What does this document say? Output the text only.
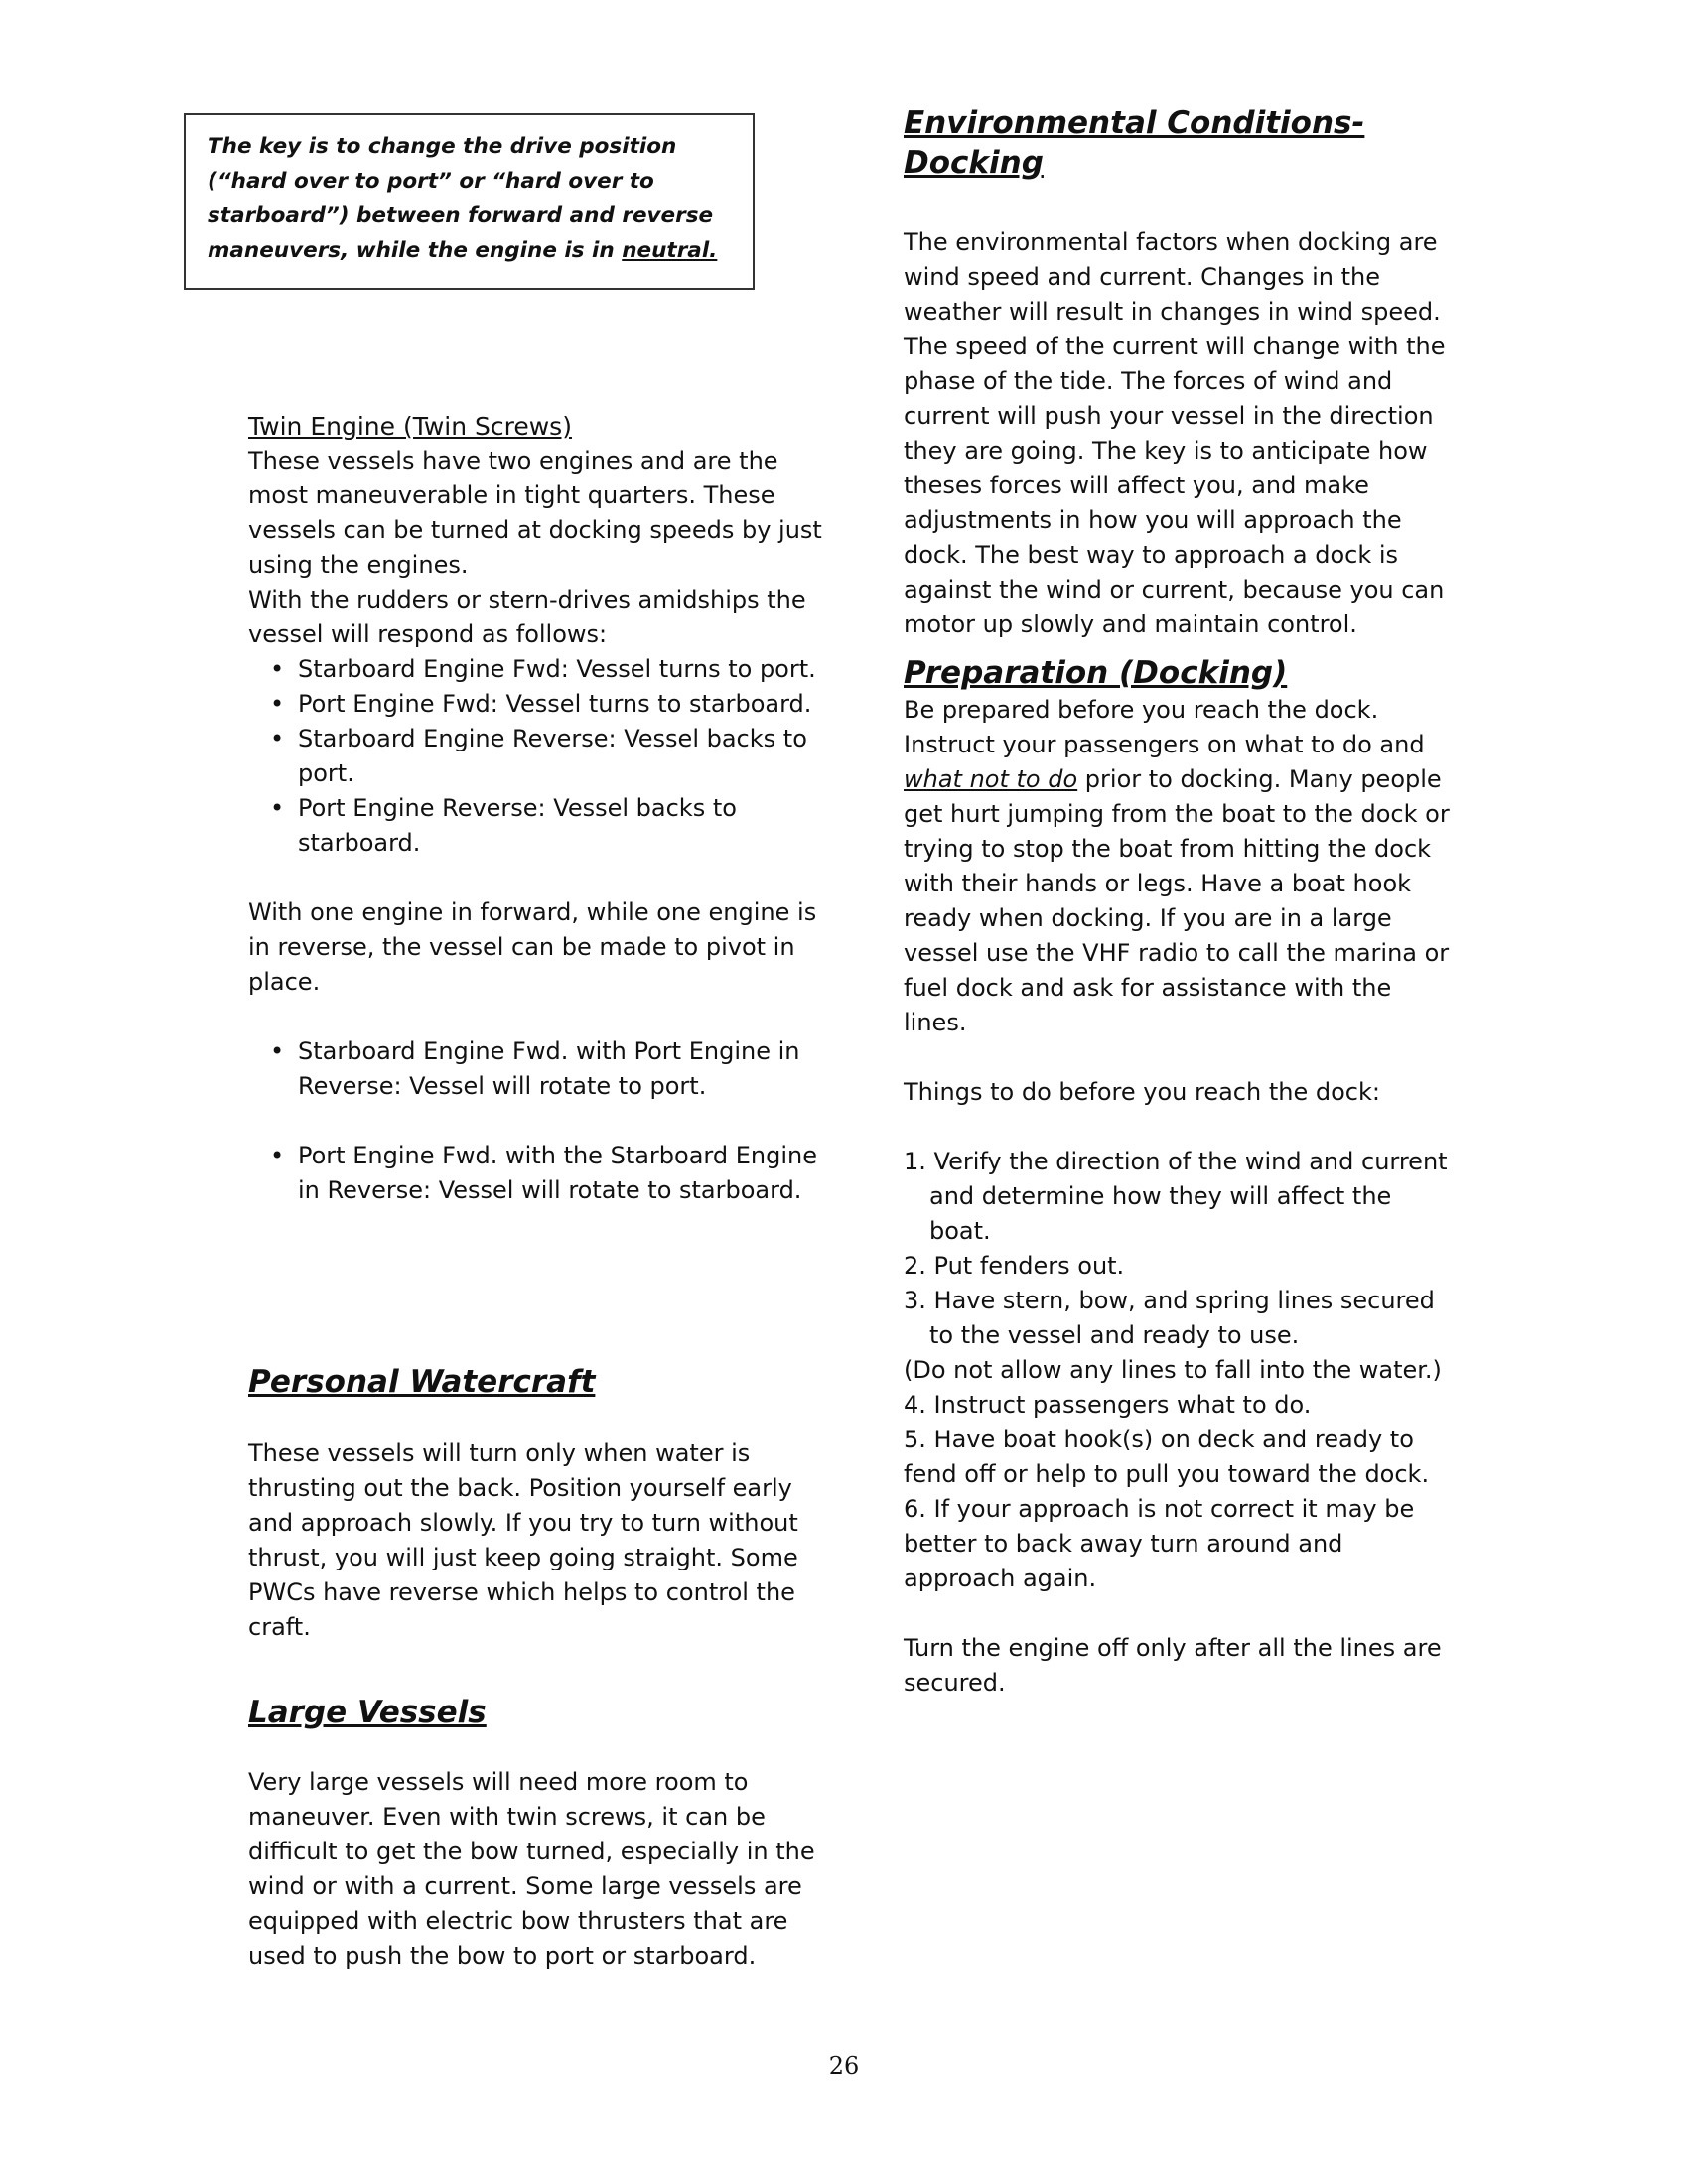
The key is to change the drive position (“hard over to port” or “hard over to starboard”) between forward and reverse maneuvers, while the engine is in neutral.
Twin Engine (Twin Screws)

These vessels have two engines and are the most maneuverable in tight quarters. These vessels can be turned at docking speeds by just using the engines.

With the rudders or stern-drives amidships the vessel will respond as follows:

• Starboard Engine Fwd: Vessel turns to port.
• Port Engine Fwd: Vessel turns to starboard.
• Starboard Engine Reverse: Vessel backs to port.
• Port Engine Reverse: Vessel backs to starboard.

With one engine in forward, while one engine is in reverse, the vessel can be made to pivot in place.

• Starboard Engine Fwd. with Port Engine in Reverse: Vessel will rotate to port.
• Port Engine Fwd. with the Starboard Engine in Reverse: Vessel will rotate to starboard.
Personal Watercraft

These vessels will turn only when water is thrusting out the back. Position yourself early and approach slowly. If you try to turn without thrust, you will just keep going straight. Some PWCs have reverse which helps to control the craft.

Large Vessels

Very large vessels will need more room to maneuver. Even with twin screws, it can be difficult to get the bow turned, especially in the wind or with a current. Some large vessels are equipped with electric bow thrusters that are used to push the bow to port or starboard.

Environmental Conditions-Docking

The environmental factors when docking are wind speed and current. Changes in the weather will result in changes in wind speed. The speed of the current will change with the phase of the tide. The forces of wind and current will push your vessel in the direction they are going. The key is to anticipate how theses forces will affect you, and make adjustments in how you will approach the dock. The best way to approach a dock is against the wind or current, because you can motor up slowly and maintain control.

Preparation (Docking)

Be prepared before you reach the dock. Instruct your passengers on what to do and what not to do prior to docking. Many people get hurt jumping from the boat to the dock or trying to stop the boat from hitting the dock with their hands or legs. Have a boat hook ready when docking. If you are in a large vessel use the VHF radio to call the marina or fuel dock and ask for assistance with the lines.

Things to do before you reach the dock:

1. Verify the direction of the wind and current and determine how they will affect the boat.
2. Put fenders out.
3. Have stern, bow, and spring lines secured to the vessel and ready to use.
(Do not allow any lines to fall into the water.)
4. Instruct passengers what to do.
5. Have boat hook(s) on deck and ready to fend off or help to pull you toward the dock.
6. If your approach is not correct it may be better to back away turn around and approach again.

Turn the engine off only after all the lines are secured.

26
